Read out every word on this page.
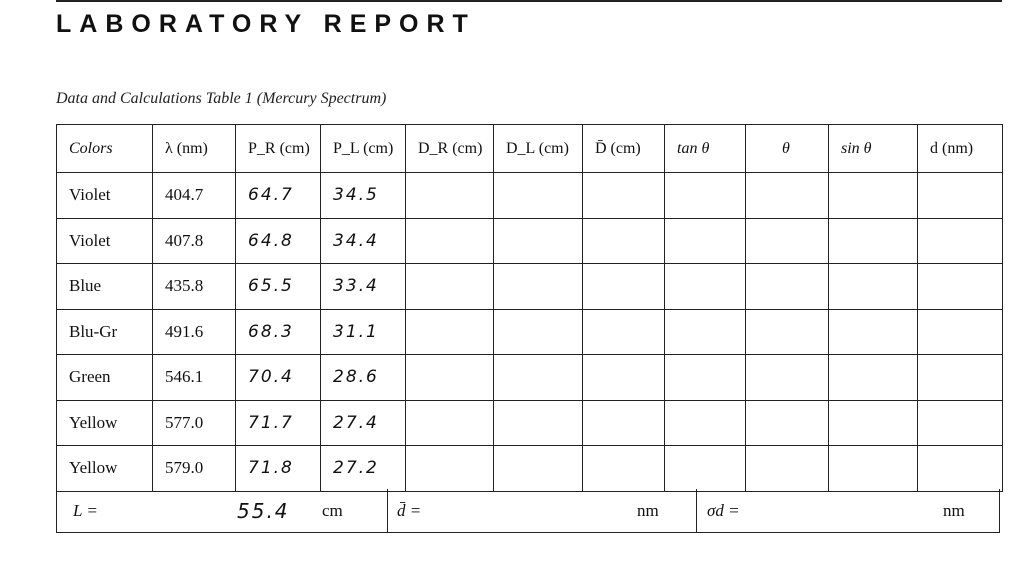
LABORATORY REPORT
Data and Calculations Table 1 (Mercury Spectrum)
Colors	λ (nm)	P_R (cm)	P_L (cm)	D_R (cm)	D_L (cm)	D̄ (cm)	tan θ	θ	sin θ	d (nm)
Violet	404.7	64.7	34.5							
Violet	407.8	64.8	34.4							
Blue	435.8	65.5	33.4							
Blu-Gr	491.6	68.3	31.1							
Green	546.1	70.4	28.6							
Yellow	577.0	71.7	27.4							
Yellow	579.0	71.8	27.2							
L =	55.4 cm	d̄ =	nm	σd =	nm
